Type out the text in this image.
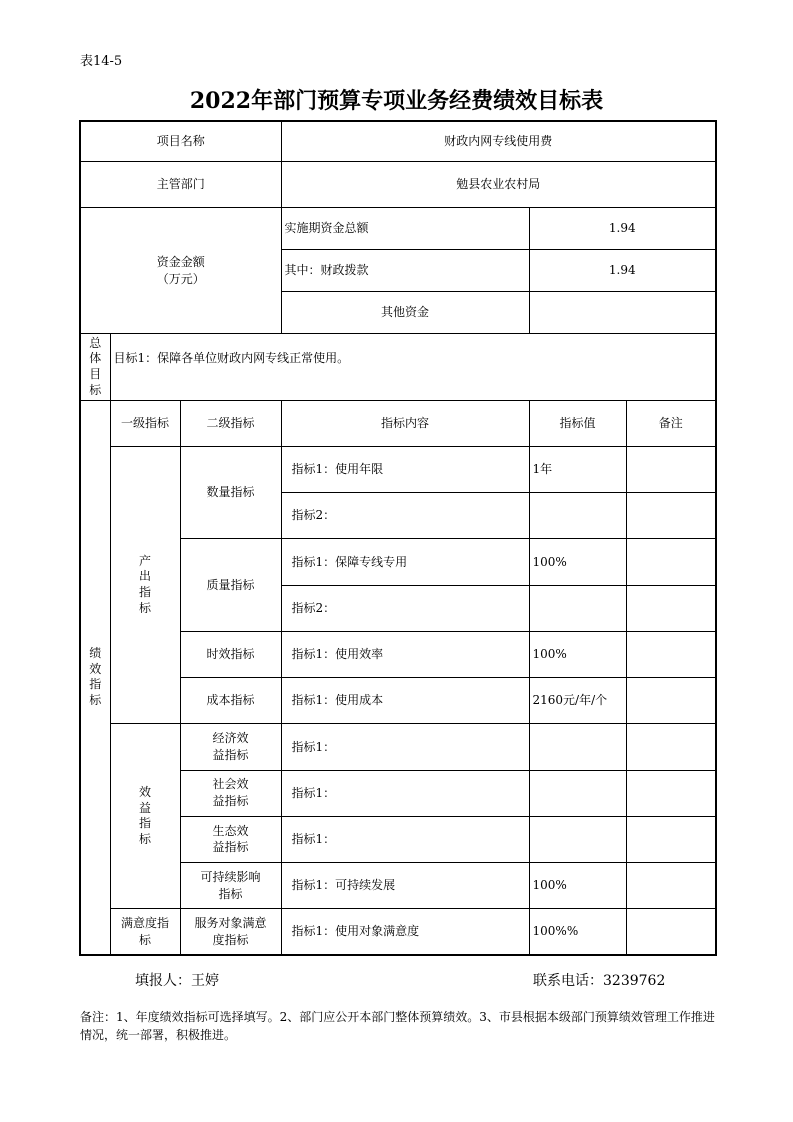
表14-5
2022年部门预算专项业务经费绩效目标表
项目名称			财政内网专线使用费		
主管部门			勉县农业农村局		

资金金额
（万元）			实施期资金总额	1.94	
			其中：财政拨款	1.94	
			其他资金		
总体目标	目标1：保障各单位财政内网专线正常使用。				
绩效指标	一级指标	二级指标	指标内容	指标值	备注
	产出指标	数量指标	指标1：使用年限	1年	
			指标2：		
		质量指标	指标1：保障专线专用	100%	
			指标2：		
		时效指标	指标1：使用效率	100%	
		成本指标	指标1：使用成本	2160元/年/个	
	效益指标	经济效益指标	指标1：		
		社会效益指标	指标1：		
		生态效益指标	指标1：		
		可持续影响指标	指标1：可持续发展	100%	
	满意度指标	服务对象满意度指标	指标1：使用对象满意度	100%%	
填报人：王婷	联系电话：3239762
备注：1、年度绩效指标可选择填写。2、部门应公开本部门整体预算绩效。3、市县根据本级部门预算绩效管理工作推进情况，统一部署，积极推进。
